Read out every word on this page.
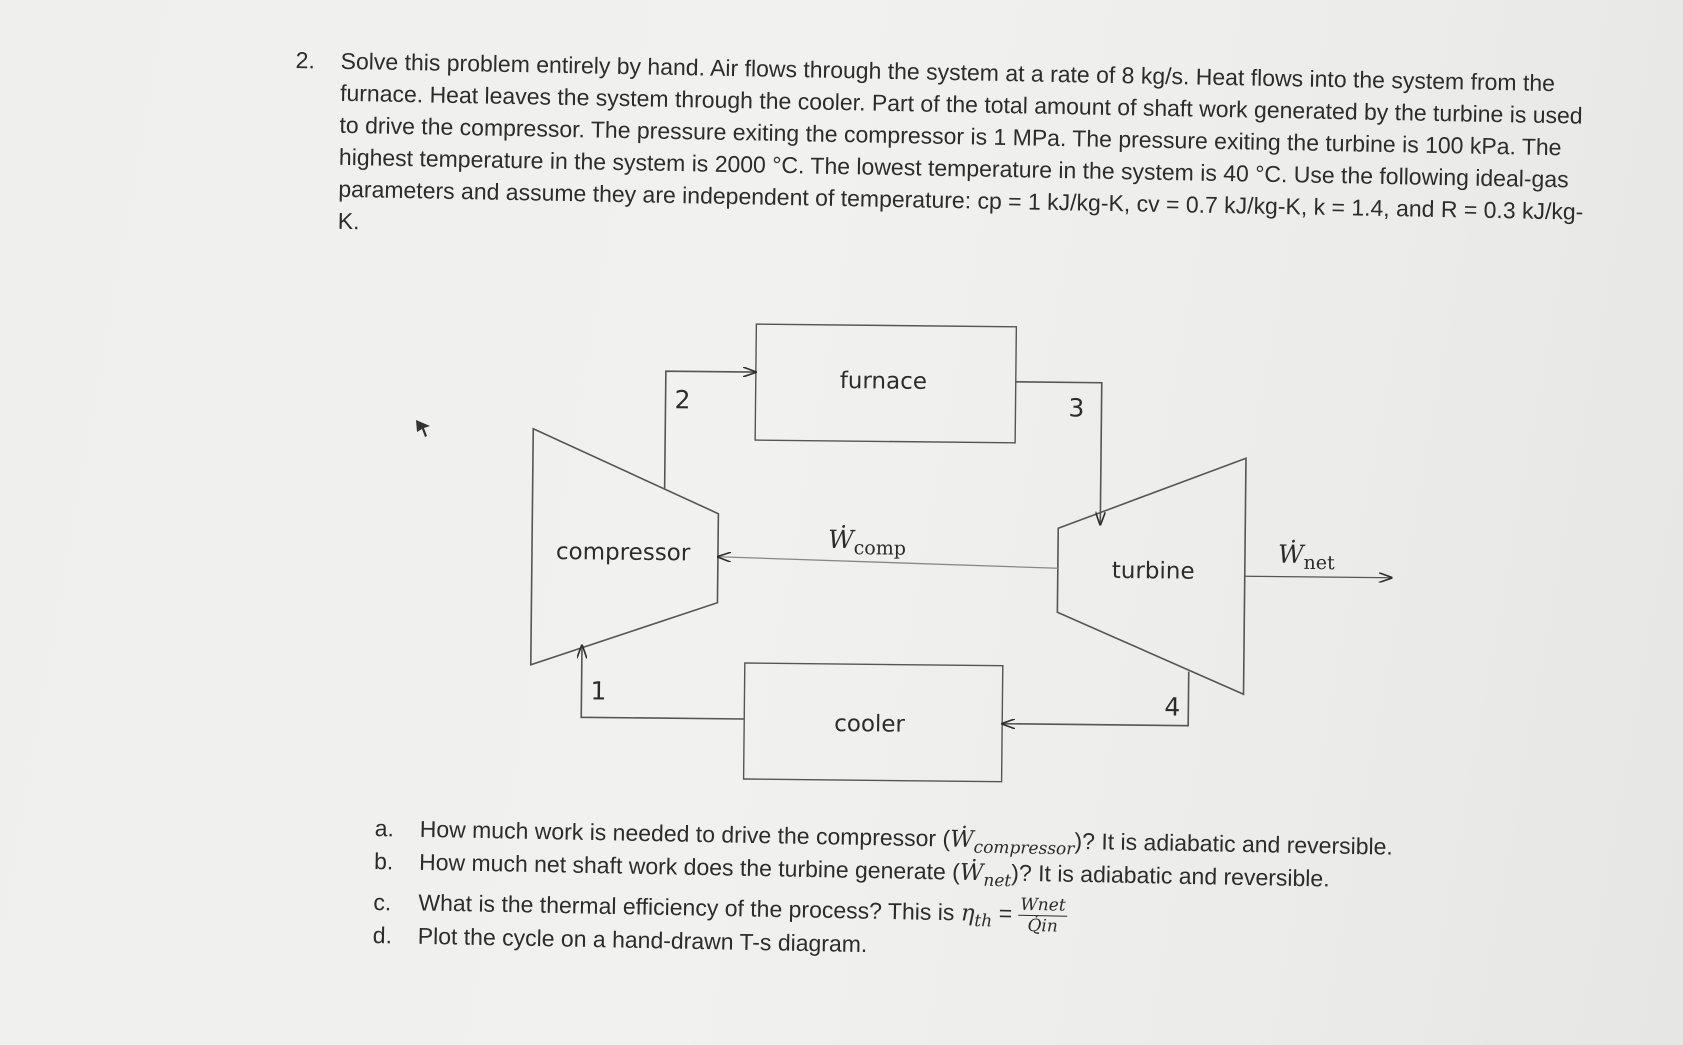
2. Solve this problem entirely by hand. Air flows through the system at a rate of 8 kg/s. Heat flows into the system from the furnace. Heat leaves the system through the cooler. Part of the total amount of shaft work generated by the turbine is used to drive the compressor. The pressure exiting the compressor is 1 MPa. The pressure exiting the turbine is 100 kPa. The highest temperature in the system is 2000 °C. The lowest temperature in the system is 40 °C. Use the following ideal-gas parameters and assume they are independent of temperature: cp = 1 kJ/kg-K, cv = 0.7 kJ/kg-K, k = 1.4, and R = 0.3 kJ/kg-K.

furnace
compressor
turbine
cooler
2	3
4
1
Ẇ$_{comp}$	Ẇ$_{net}$
a. How much work is needed to drive the compressor (Ẇ$_{compressor}$)? It is adiabatic and reversible.
b. How much net shaft work does the turbine generate (Ẇ$_{net}$)? It is adiabatic and reversible.
c. What is the thermal efficiency of the process? This is $\eta_{th} = \frac{\text{Wnet}}{Q̇in}$
d. Plot the cycle on a hand-drawn T-s diagram.
